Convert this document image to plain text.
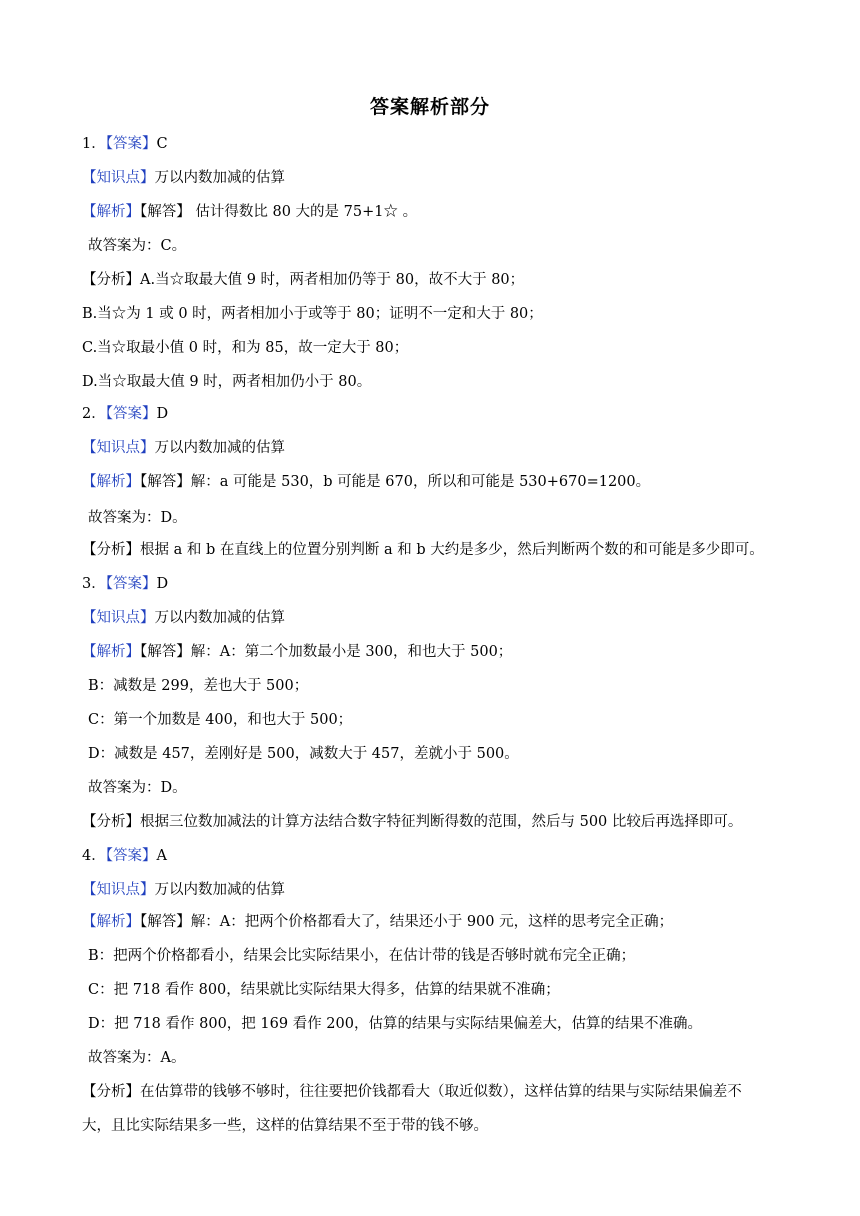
答案解析部分
1．【答案】C
【知识点】万以内数加减的估算
【解析】【解答】 估计得数比 80 大的是 75+1☆ 。
故答案为：C。
【分析】A.当☆取最大值 9 时，两者相加仍等于 80，故不大于 80；
B.当☆为 1 或 0 时，两者相加小于或等于 80；证明不一定和大于 80；
C.当☆取最小值 0 时，和为 85，故一定大于 80；
D.当☆取最大值 9 时，两者相加仍小于 80。
2．【答案】D
【知识点】万以内数加减的估算
【解析】【解答】解：a 可能是 530，b 可能是 670，所以和可能是 530+670=1200。
故答案为：D。
【分析】根据 a 和 b 在直线上的位置分别判断 a 和 b 大约是多少，然后判断两个数的和可能是多少即可。
3．【答案】D
【知识点】万以内数加减的估算
【解析】【解答】解：A：第二个加数最小是 300，和也大于 500；
B：减数是 299，差也大于 500；
C：第一个加数是 400，和也大于 500；
D：减数是 457，差刚好是 500，减数大于 457，差就小于 500。
故答案为：D。
【分析】根据三位数加减法的计算方法结合数字特征判断得数的范围，然后与 500 比较后再选择即可。
4．【答案】A
【知识点】万以内数加减的估算
【解析】【解答】解：A：把两个价格都看大了，结果还小于 900 元，这样的思考完全正确；
B：把两个价格都看小，结果会比实际结果小，在估计带的钱是否够时就布完全正确；
C：把 718 看作 800，结果就比实际结果大得多，估算的结果就不准确；
D：把 718 看作 800，把 169 看作 200，估算的结果与实际结果偏差大，估算的结果不准确。
故答案为：A。
【分析】在估算带的钱够不够时，往往要把价钱都看大（取近似数），这样估算的结果与实际结果偏差不
大，且比实际结果多一些，这样的估算结果不至于带的钱不够。
